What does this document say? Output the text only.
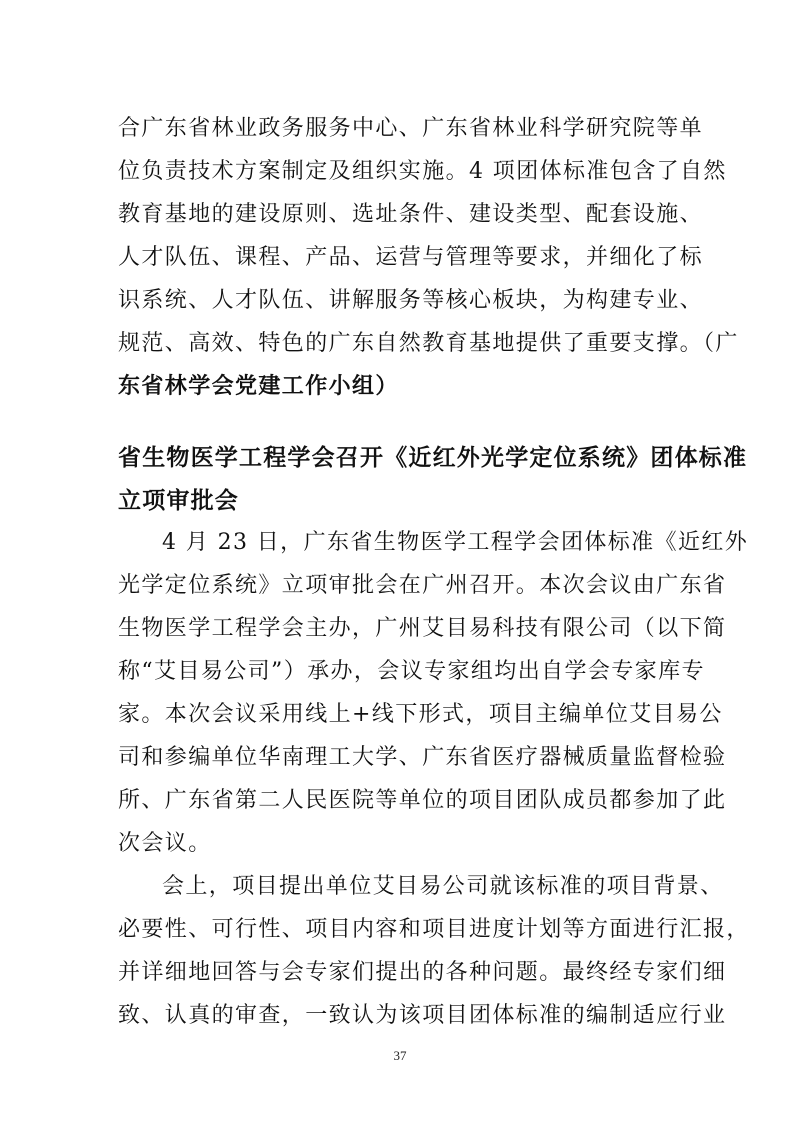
合广东省林业政务服务中心、广东省林业科学研究院等单
位负责技术方案制定及组织实施。4 项团体标准包含了自然
教育基地的建设原则、选址条件、建设类型、配套设施、
人才队伍、课程、产品、运营与管理等要求，并细化了标
识系统、人才队伍、讲解服务等核心板块，为构建专业、
规范、高效、特色的广东自然教育基地提供了重要支撑。（广
东省林学会党建工作小组）
省生物医学工程学会召开《近红外光学定位系统》团体标准
立项审批会
4 月 23 日，广东省生物医学工程学会团体标准《近红外
光学定位系统》立项审批会在广州召开。本次会议由广东省
生物医学工程学会主办，广州艾目易科技有限公司（以下简
称“艾目易公司”）承办，会议专家组均出自学会专家库专
家。本次会议采用线上+线下形式，项目主编单位艾目易公
司和参编单位华南理工大学、广东省医疗器械质量监督检验
所、广东省第二人民医院等单位的项目团队成员都参加了此
次会议。
会上，项目提出单位艾目易公司就该标准的项目背景、
必要性、可行性、项目内容和项目进度计划等方面进行汇报，
并详细地回答与会专家们提出的各种问题。最终经专家们细
致、认真的审查，一致认为该项目团体标准的编制适应行业
37
